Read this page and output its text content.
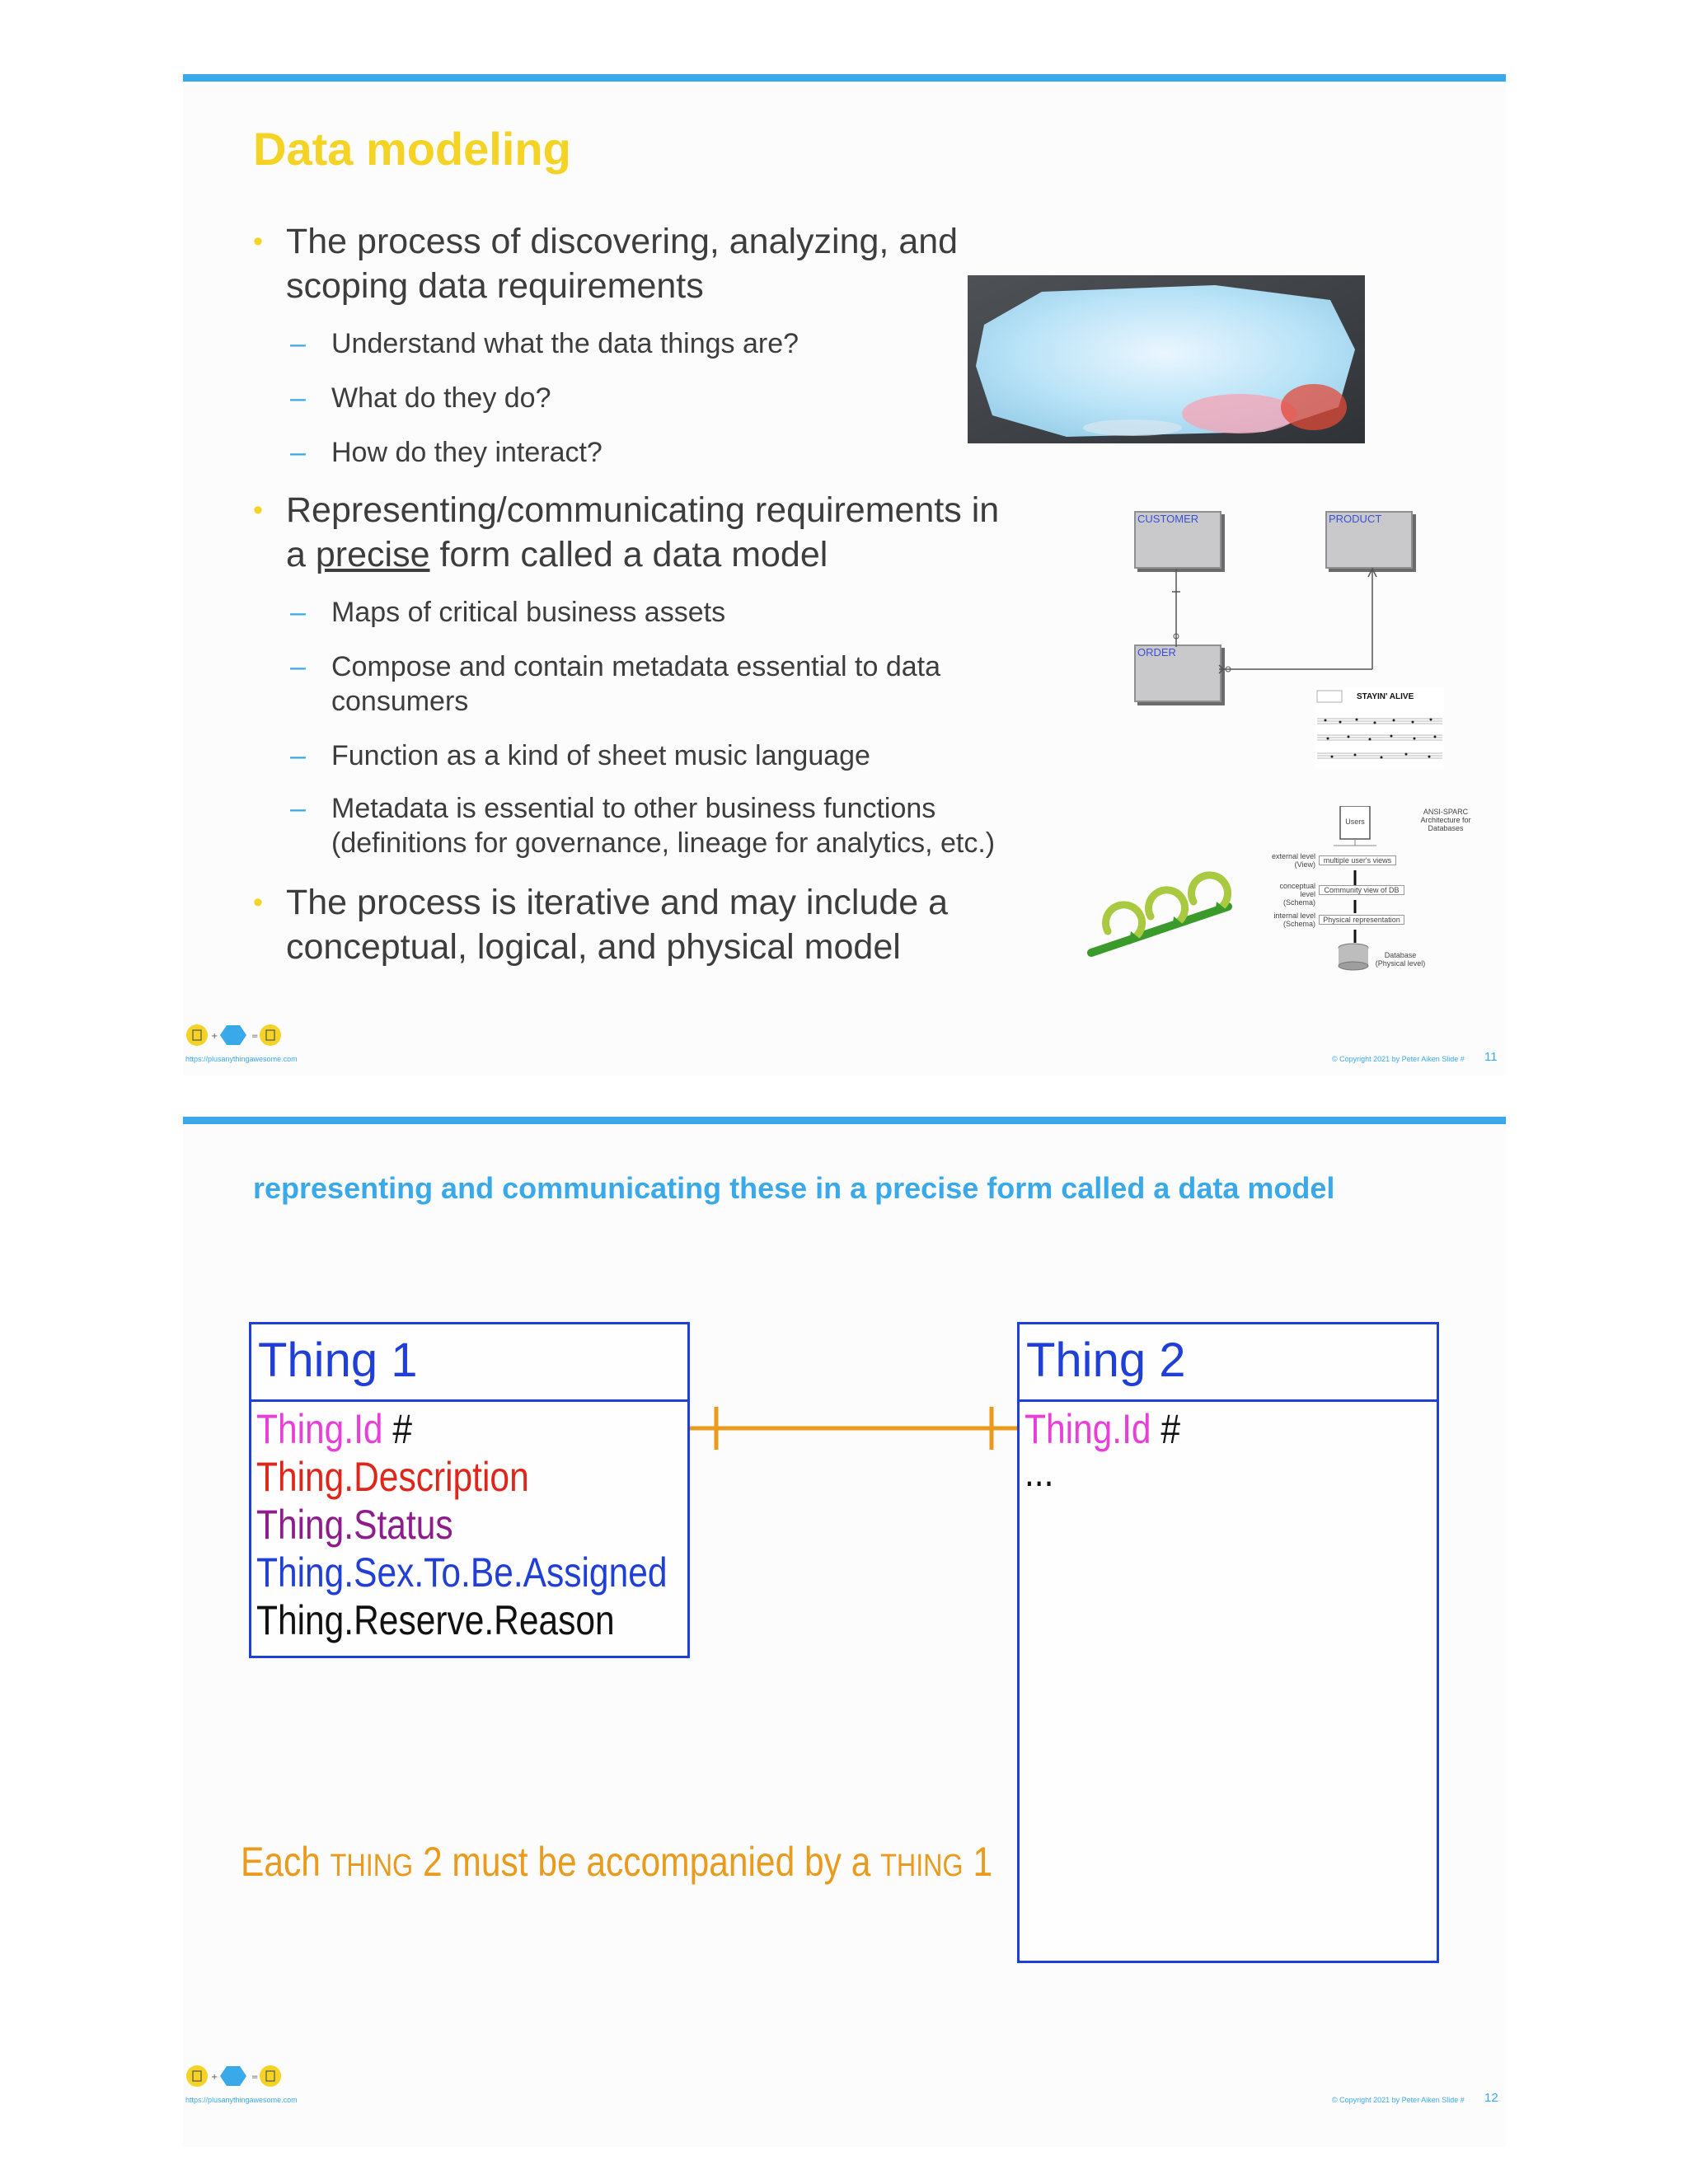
Data modeling
• The process of discovering, analyzing, and scoping data requirements
– Understand what the data things are?
– What do they do?
– How do they interact?
• Representing/communicating requirements in
a precise form called a data model
– Maps of critical business assets
– Compose and contain metadata essential to data consumers
– Function as a kind of sheet music language
– Metadata is essential to other business functions (definitions for governance, lineage for analytics, etc.)
• The process is iterative and may include a conceptual, logical, and physical model
CUSTOMER	PRODUCT
ORDER
STAYIN' ALIVE
Users
ANSI-SPARC Architecture for Databases
external level (View)	multiple user's views
conceptual level (Schema)
Community view of DB
internal level (Schema)	Physical representation
Database (Physical level)
+	=
https://plusanythingawesome.com	© Copyright 2021 by Peter Aiken Slide # 11
representing and communicating these in a precise form called a data model
Thing 1
Thing.Id #
Thing.Description
Thing.Status
Thing.Sex.To.Be.Assigned
Thing.Reserve.Reason
Thing 2
Thing.Id #
...
Each THING 2 must be accompanied by a THING 1
+	=
https://plusanythingawesome.com	© Copyright 2021 by Peter Aiken Slide # 12
